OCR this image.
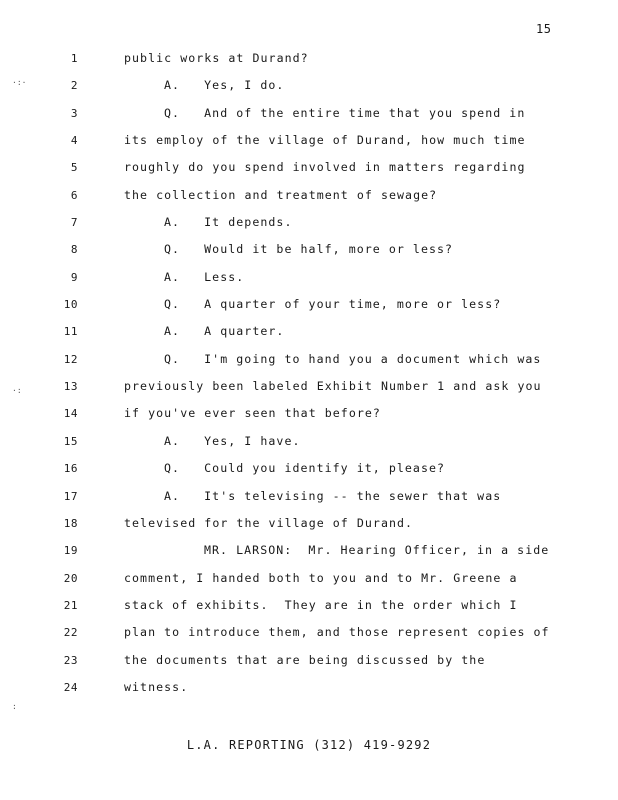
15
·:·
·:
:
1	public works at Durand?
2	A.   Yes, I do.
3	Q.   And of the entire time that you spend in
4	its employ of the village of Durand, how much time
5	roughly do you spend involved in matters regarding
6	the collection and treatment of sewage?
7	A.   It depends.
8	Q.   Would it be half, more or less?
9	A.   Less.
10	Q.   A quarter of your time, more or less?
11	A.   A quarter.
12	Q.   I'm going to hand you a document which was
13	previously been labeled Exhibit Number 1 and ask you
14	if you've ever seen that before?
15	A.   Yes, I have.
16	Q.   Could you identify it, please?
17	A.   It's televising -- the sewer that was
18	televised for the village of Durand.
19	MR. LARSON:  Mr. Hearing Officer, in a side
20	comment, I handed both to you and to Mr. Greene a
21	stack of exhibits.  They are in the order which I
22	plan to introduce them, and those represent copies of
23	the documents that are being discussed by the
24	witness.
L.A. REPORTING (312) 419-9292
